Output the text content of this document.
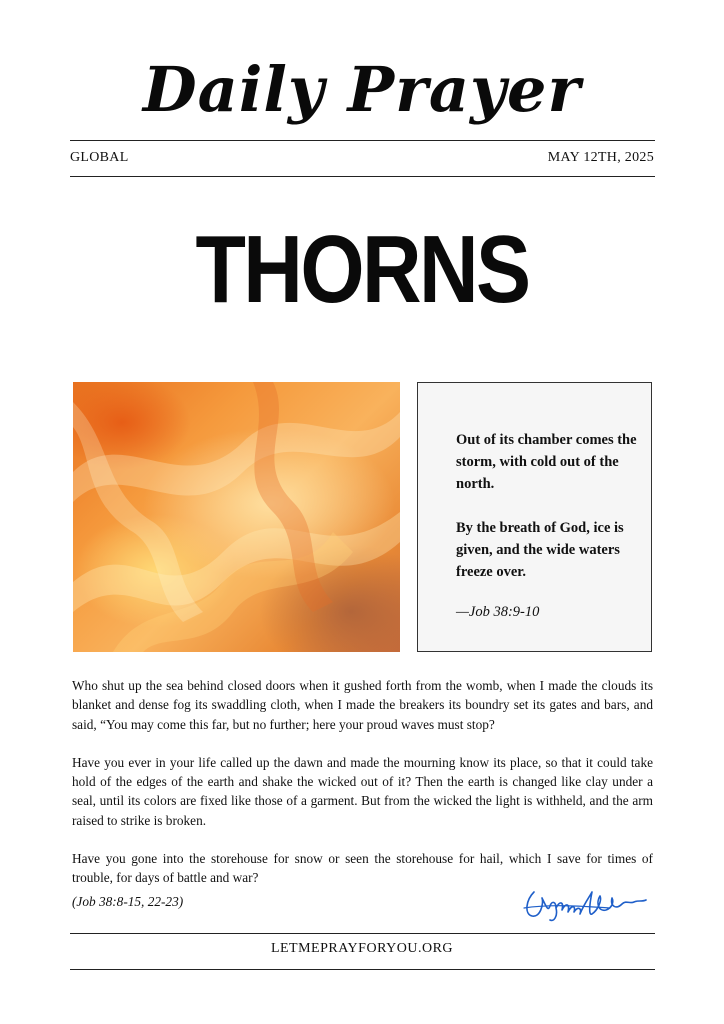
Daily Prayer
GLOBAL	MAY 12TH, 2025
THORNS

Out of its chamber comes the storm, with cold out of the north.

By the breath of God, ice is given, and the wide waters freeze over.

—Job 38:9-10

Who shut up the sea behind closed doors when it gushed forth from the womb, when I made the clouds its blanket and dense fog its swaddling cloth, when I made the breakers its boundry set its gates and bars, and said, “You may come this far, but no further; here your proud waves must stop?

Have you ever in your life called up the dawn and made the mourning know its place, so that it could take hold of the edges of the earth and shake the wicked out of it? Then the earth is changed like clay under a seal, until its colors are fixed like those of a garment. But from the wicked the light is withheld, and the arm raised to strike is broken.

Have you gone into the storehouse for snow or seen the storehouse for hail, which I save for times of trouble, for days of battle and war?

(Job 38:8-15, 22-23)
LETMEPRAYFORYOU.ORG
